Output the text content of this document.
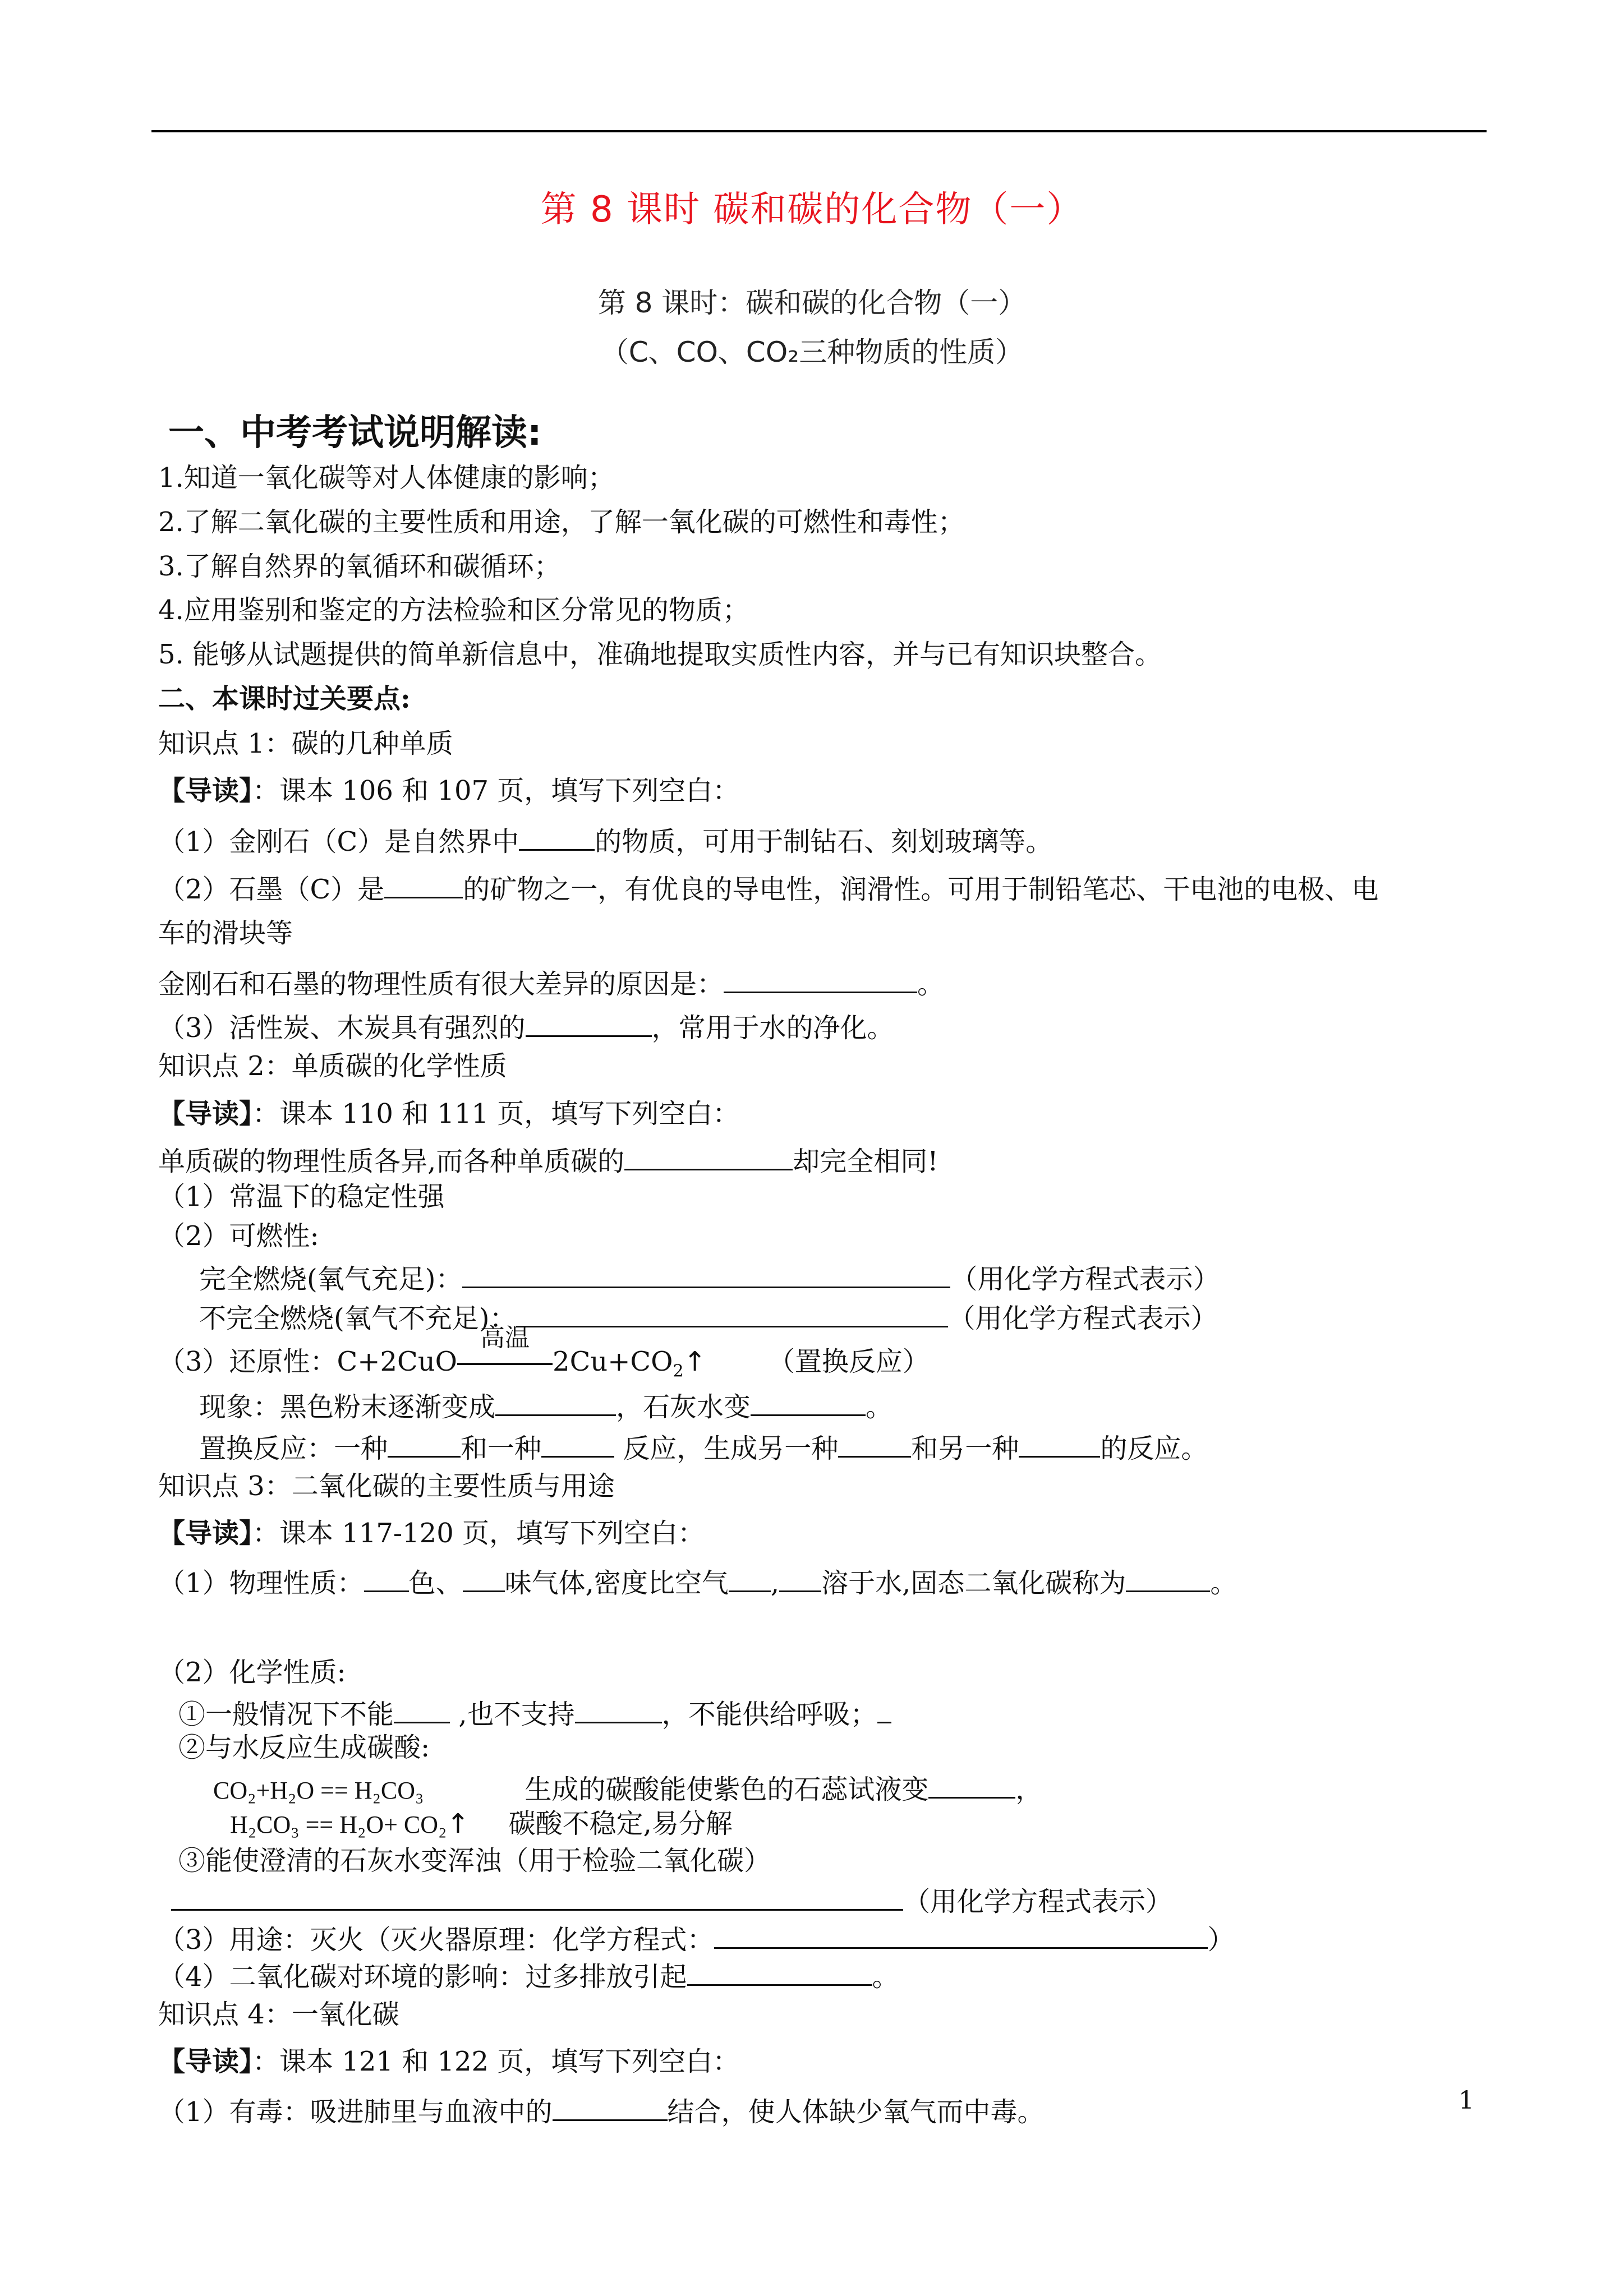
第 8 课时 碳和碳的化合物（一）
第 8 课时：碳和碳的化合物（一）
（C、CO、CO₂三种物质的性质）
一、中考考试说明解读:
1.知道一氧化碳等对人体健康的影响；
2.了解二氧化碳的主要性质和用途，了解一氧化碳的可燃性和毒性；
3.了解自然界的氧循环和碳循环；
4.应用鉴别和鉴定的方法检验和区分常见的物质；
5. 能够从试题提供的简单新信息中，准确地提取实质性内容，并与已有知识块整合。
二、本课时过关要点:
知识点 1：碳的几种单质
【导读】：课本 106 和 107 页，填写下列空白：
（1）金刚石（C）是自然界中	的物质，可用于制钻石、刻划玻璃等。
（2）石墨（C）是	的矿物之一，有优良的导电性，润滑性。可用于制铅笔芯、干电池的电极、电
车的滑块等
金刚石和石墨的物理性质有很大差异的原因是：	。
（3）活性炭、木炭具有强烈的	，常用于水的净化。
知识点 2：单质碳的化学性质
【导读】：课本 110 和 111 页，填写下列空白：
单质碳的物理性质各异,而各种单质碳的	却完全相同!
（1）常温下的稳定性强
（2）可燃性:
完全燃烧(氧气充足)：	（用化学方程式表示）
不完全燃烧(氧气不充足)：	（用化学方程式表示）
（3）还原性：C+2CuO
高温
$2Cu+CO_2↑$ （置换反应）
现象：黑色粉末逐渐变成	，石灰水变	。
置换反应：一种	和一种	反应，生成另一种	和另一种	的反应。
知识点 3：二氧化碳的主要性质与用途
【导读】：课本 117-120 页，填写下列空白：
（1）物理性质： 色、 味气体,密度比空气 , 溶于水,固态二氧化碳称为	。
（2）化学性质:
①一般情况下不能 ,也不支持	，不能供给呼吸；
②与水反应生成碳酸:
CO₂+H₂O == H₂CO₃	生成的碳酸能使紫色的石蕊试液变	，
H₂CO₃ == H₂O+ CO₂↑ 碳酸不稳定,易分解
③能使澄清的石灰水变浑浊（用于检验二氧化碳）
（用化学方程式表示）
（3）用途：灭火（灭火器原理：化学方程式：	）
（4）二氧化碳对环境的影响：过多排放引起	。
知识点 4：一氧化碳
【导读】：课本 121 和 122 页，填写下列空白：
（1）有毒：吸进肺里与血液中的	结合，使人体缺少氧气而中毒。	1
